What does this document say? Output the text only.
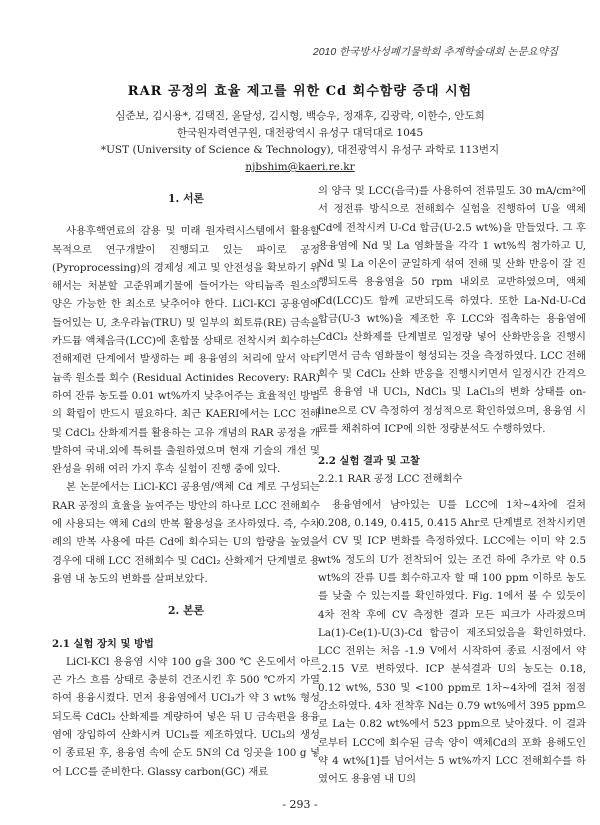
2010 한국방사성폐기물학회 추계학술대회 논문요약집
RAR 공정의 효율 제고를 위한 Cd 회수함량 증대 시험
심준보, 김시용*, 김택진, 윤달성, 김시형, 백승우, 정재후, 김광락, 이한수, 안도희
한국원자력연구원, 대전광역시 유성구 대덕대로 1045
*UST (University of Science & Technology), 대전광역시 유성구 과학로 113번지
njbshim@kaeri.re.kr
1. 서론

사용후핵연료의 감용 및 미래 원자력시스템에서 활용할 목적으로 연구개발이 진행되고 있는 파이로 공정(Pyroprocessing)의 경제성 제고 및 안전성을 확보하기 위해서는 처분할 고준위폐기물에 들어가는 악티늄족 원소의 양은 가능한 한 최소로 낮추어야 한다. LiCl-KCl 공용염에 들어있는 U, 초우라늄(TRU) 및 일부의 희토류(RE) 금속을 카드뮴 액체음극(LCC)에 혼합물 상태로 전착시켜 회수하는 전해제련 단계에서 발생하는 폐 용융염의 처리에 앞서 악티늄족 원소를 회수 (Residual Actinides Recovery: RAR)하여 잔류 농도를 0.01 wt%까지 낮추어주는 효율적인 방법의 확립이 반드시 필요하다. 최근 KAERI에서는 LCC 전해 및 CdCl₂ 산화제거를 활용하는 고유 개념의 RAR 공정을 개발하여 국내.외에 특허를 출원하였으며 현재 기술의 개선 및 완성을 위해 여러 가지 후속 실험이 진행 중에 있다.

본 논문에서는 LiCl-KCl 공용염/액체 Cd 계로 구성되는 RAR 공정의 효율을 높여주는 방안의 하나로 LCC 전해회수에 사용되는 액체 Cd의 반복 활용성을 조사하였다. 즉, 수차례의 반복 사용에 따른 Cd에 회수되는 U의 함량을 높였을 경우에 대해 LCC 전해회수 및 CdCl₂ 산화제거 단계별로 용융염 내 농도의 변화를 살펴보았다.

2. 본론
2.1 실험 장치 및 방법

LiCl-KCl 용융염 시약 100 g을 300 ℃ 온도에서 아르곤 가스 흐름 상태로 충분히 건조시킨 후 500 ℃까지 가열하여 용융시켰다. 먼저 용융염에서 UCl₃가 약 3 wt% 형성되도록 CdCl₂ 산화제를 계량하여 넣은 뒤 U 금속편을 용융염에 장입하여 산화시켜 UCl₃를 제조하였다. UCl₃의 생성이 종료된 후, 용융염 속에 순도 5N의 Cd 잉곳을 100 g 넣어 LCC를 준비한다. Glassy carbon(GC) 재료

의 양극 및 LCC(음극)를 사용하여 전류밀도 30 mA/cm²에서 정전류 방식으로 전해회수 실험을 진행하여 U을 액체 Cd에 전착시켜 U-Cd 합금(U-2.5 wt%)을 만들었다. 그 후 용융염에 Nd 및 La 염화물을 각각 1 wt%씩 첨가하고 U, Nd 및 La 이온이 균일하게 섞여 전해 및 산화 반응이 잘 진행되도록 용융염을 50 rpm 내외로 교반하였으며, 액체 Cd(LCC)도 함께 교반되도록 하였다. 또한 La-Nd-U-Cd 합금(U-3 wt%)을 제조한 후 LCC와 접촉하는 용융염에 CdCl₂ 산화제를 단계별로 일정량 넣어 산화반응을 진행시키면서 금속 염화물이 형성되는 것을 측정하였다. LCC 전해회수 및 CdCl₂ 산화 반응을 진행시키면서 일정시간 간격으로 용융염 내 UCl₃, NdCl₃ 및 LaCl₃의 변화 상태를 on-line으로 CV 측정하여 정성적으로 확인하였으며, 용융염 시료를 채취하여 ICP에 의한 정량분석도 수행하였다.

2.2 실험 결과 및 고찰
2.2.1 RAR 공정 LCC 전해회수

용융염에서 남아있는 U를 LCC에 1차~4차에 걸쳐 0.208, 0.149, 0.415, 0.415 Ahr로 단계별로 전착시키면서 CV 및 ICP 변화를 측정하였다. LCC에는 이미 약 2.5 wt% 정도의 U가 전착되어 있는 조건 하에 추가로 약 0.5 wt%의 잔류 U를 회수하고자 할 때 100 ppm 이하로 농도를 낮출 수 있는지를 확인하였다. Fig. 1에서 볼 수 있듯이 4차 전착 후에 CV 측정한 결과 모든 피크가 사라졌으며 La(1)-Ce(1)-U(3)-Cd 합금이 제조되었음을 확인하였다. LCC 전위는 처음 -1.9 V에서 시작하여 종료 시점에서 약 -2.15 V로 변하였다. ICP 분석결과 U의 농도는 0.18, 0.12 wt%, 530 및 <100 ppm로 1차~4차에 걸쳐 점점 감소하였다. 4차 전착후 Nd는 0.79 wt%에서 395 ppm으로 La는 0.82 wt%에서 523 ppm으로 낮아졌다. 이 결과로부터 LCC에 회수된 금속 양이 액체Cd의 포화 용해도인 약 4 wt%[1]를 넘어서는 5 wt%까지 LCC 전해회수를 하였어도 용융염 내 U의

- 293 -
